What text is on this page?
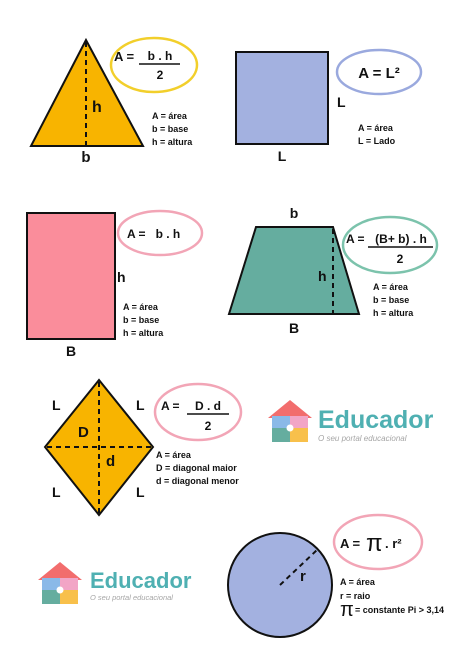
h
b
A = b . h
2
A = área
b = base
h = altura
L
L
A = L²
A = área
L = Lado
h
B
A =   b . h
A = área
b = base
h = altura
b
h
B
A = (B+ b) . h
2
A = área
b = base
h = altura
L	L
L	L
D
d
A = D . d
2
A = área
D = diagonal maior
d = diagonal menor
r
A = π . r²
A = área
r = raio
π = constante Pi > 3,14
Educador
O seu portal educacional
Educador
O seu portal educacional
